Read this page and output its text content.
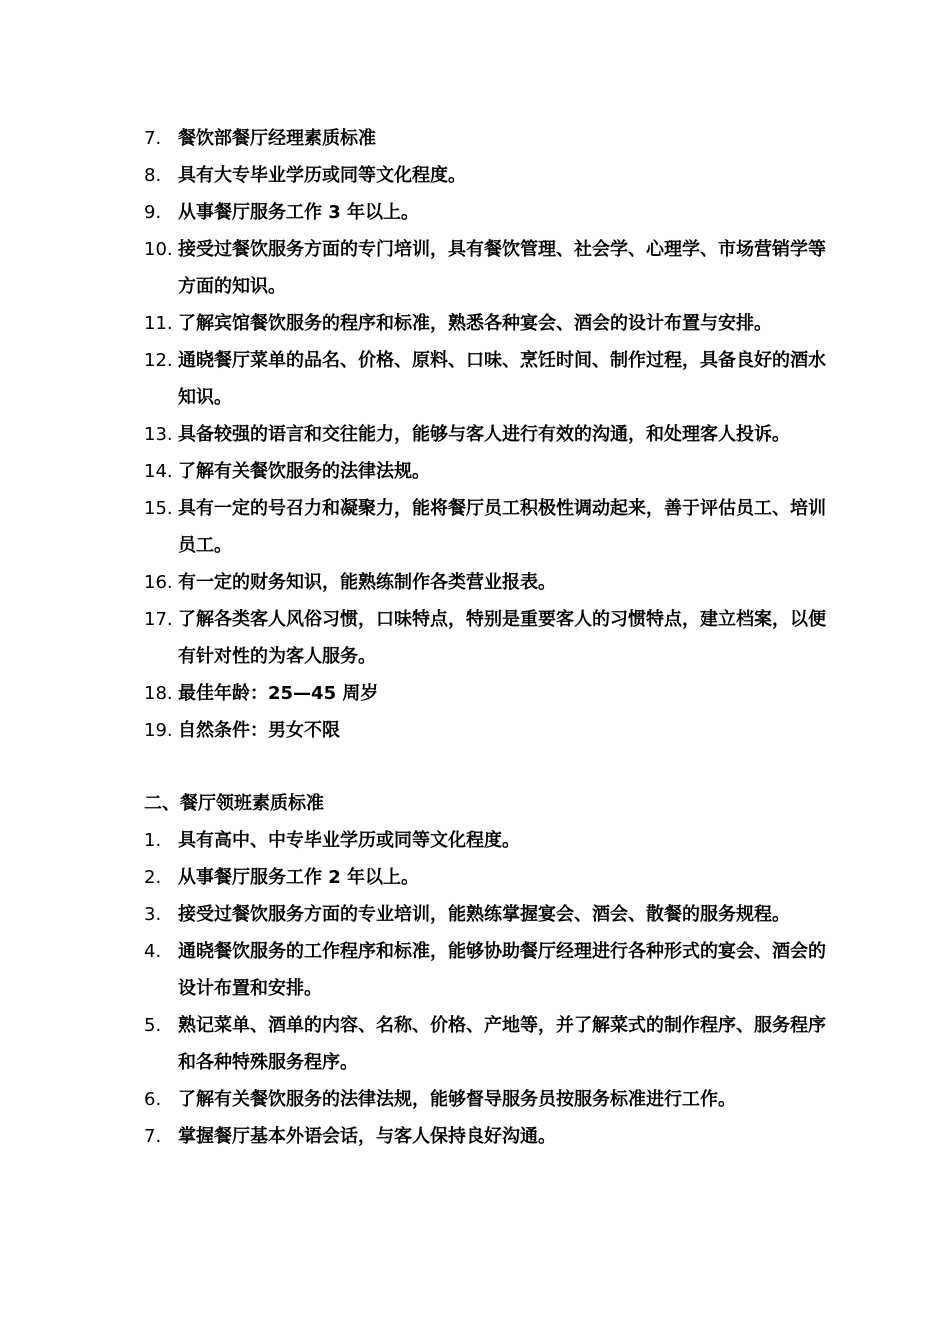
7. 餐饮部餐厅经理素质标准
8. 具有大专毕业学历或同等文化程度。
9. 从事餐厅服务工作 3 年以上。
10. 接受过餐饮服务方面的专门培训，具有餐饮管理、社会学、心理学、市场营销学等方面的知识。
11. 了解宾馆餐饮服务的程序和标准，熟悉各种宴会、酒会的设计布置与安排。
12. 通晓餐厅菜单的品名、价格、原料、口味、烹饪时间、制作过程，具备良好的酒水知识。
13. 具备较强的语言和交往能力，能够与客人进行有效的沟通，和处理客人投诉。
14. 了解有关餐饮服务的法律法规。
15. 具有一定的号召力和凝聚力，能将餐厅员工积极性调动起来，善于评估员工、培训员工。
16. 有一定的财务知识，能熟练制作各类营业报表。
17. 了解各类客人风俗习惯，口味特点，特别是重要客人的习惯特点，建立档案，以便有针对性的为客人服务。
18. 最佳年龄：25—45 周岁
19. 自然条件：男女不限
二、餐厅领班素质标准
1. 具有高中、中专毕业学历或同等文化程度。
2. 从事餐厅服务工作 2 年以上。
3. 接受过餐饮服务方面的专业培训，能熟练掌握宴会、酒会、散餐的服务规程。
4. 通晓餐饮服务的工作程序和标准，能够协助餐厅经理进行各种形式的宴会、酒会的设计布置和安排。
5. 熟记菜单、酒单的内容、名称、价格、产地等，并了解菜式的制作程序、服务程序和各种特殊服务程序。
6. 了解有关餐饮服务的法律法规，能够督导服务员按服务标准进行工作。
7. 掌握餐厅基本外语会话，与客人保持良好沟通。
